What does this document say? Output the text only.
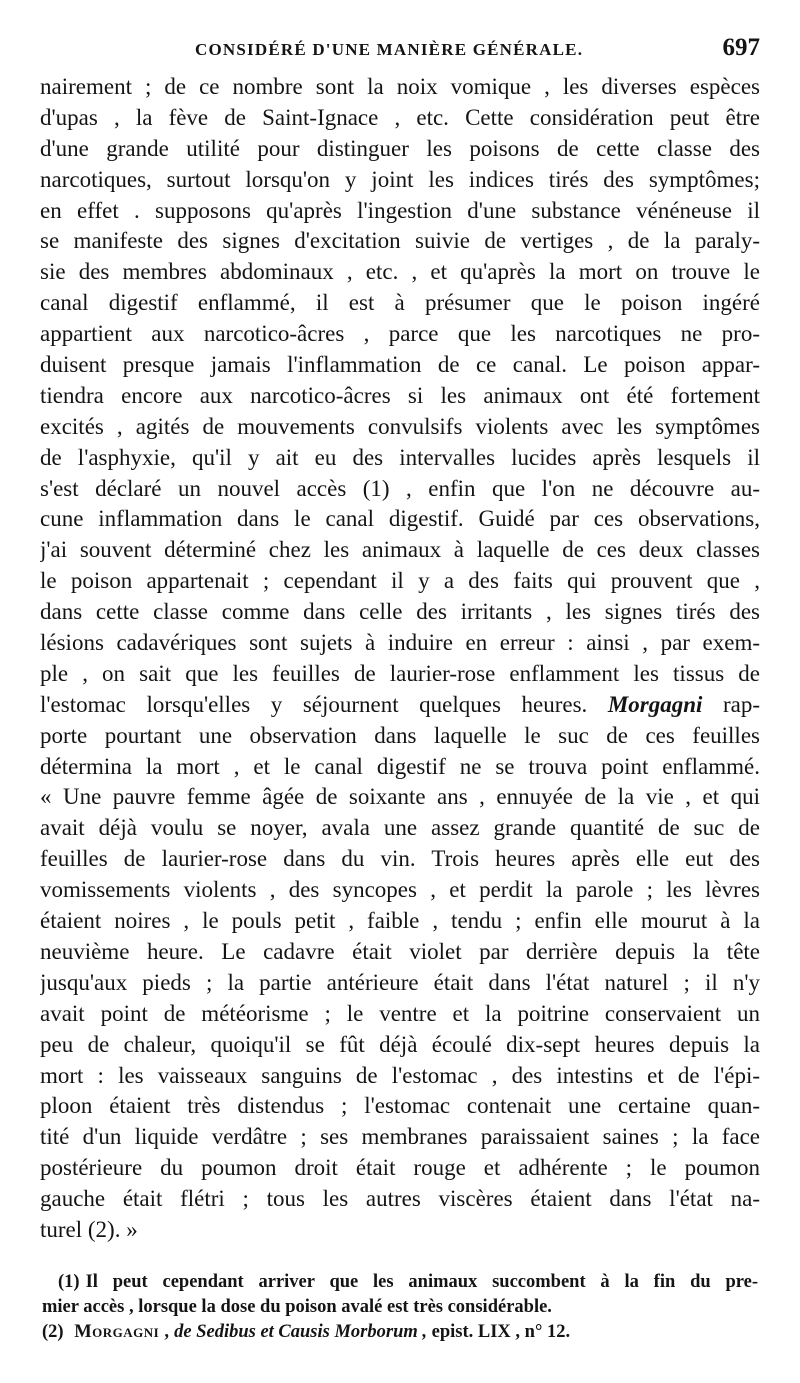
CONSIDÉRÉ D'UNE MANIÈRE GÉNÉRALE.	697
nairement ; de ce nombre sont la noix vomique , les diverses espèces
d'upas , la fève de Saint-Ignace , etc. Cette considération peut être
d'une grande utilité pour distinguer les poisons de cette classe des
narcotiques, surtout lorsqu'on y joint les indices tirés des symptômes;
en effet . supposons qu'après l'ingestion d'une substance vénéneuse il
se manifeste des signes d'excitation suivie de vertiges , de la paraly-
sie des membres abdominaux , etc. , et qu'après la mort on trouve le
canal digestif enflammé, il est à présumer que le poison ingéré
appartient aux narcotico-âcres , parce que les narcotiques ne pro-
duisent presque jamais l'inflammation de ce canal. Le poison appar-
tiendra encore aux narcotico-âcres si les animaux ont été fortement
excités , agités de mouvements convulsifs violents avec les symptômes
de l'asphyxie, qu'il y ait eu des intervalles lucides après lesquels il
s'est déclaré un nouvel accès (1) , enfin que l'on ne découvre au-
cune inflammation dans le canal digestif. Guidé par ces observations,
j'ai souvent déterminé chez les animaux à laquelle de ces deux classes
le poison appartenait ; cependant il y a des faits qui prouvent que ,
dans cette classe comme dans celle des irritants , les signes tirés des
lésions cadavériques sont sujets à induire en erreur : ainsi , par exem-
ple , on sait que les feuilles de laurier-rose enflamment les tissus de
l'estomac lorsqu'elles y séjournent quelques heures. Morgagni rap-
porte pourtant une observation dans laquelle le suc de ces feuilles
détermina la mort , et le canal digestif ne se trouva point enflammé.
« Une pauvre femme âgée de soixante ans , ennuyée de la vie , et qui
avait déjà voulu se noyer, avala une assez grande quantité de suc de
feuilles de laurier-rose dans du vin. Trois heures après elle eut des
vomissements violents , des syncopes , et perdit la parole ; les lèvres
étaient noires , le pouls petit , faible , tendu ; enfin elle mourut à la
neuvième heure. Le cadavre était violet par derrière depuis la tête
jusqu'aux pieds ; la partie antérieure était dans l'état naturel ; il n'y
avait point de météorisme ; le ventre et la poitrine conservaient un
peu de chaleur, quoiqu'il se fût déjà écoulé dix-sept heures depuis la
mort : les vaisseaux sanguins de l'estomac , des intestins et de l'épi-
ploon étaient très distendus ; l'estomac contenait une certaine quan-
tité d'un liquide verdâtre ; ses membranes paraissaient saines ; la face
postérieure du poumon droit était rouge et adhérente ; le poumon
gauche était flétri ; tous les autres viscères étaient dans l'état na-
turel (2). »
(1) Il peut cependant arriver que les animaux succombent à la fin du pre-
mier accès , lorsque la dose du poison avalé est très considérable.
(2) Morgagni , de Sedibus et Causis Morborum , epist. LIX , n° 12.
